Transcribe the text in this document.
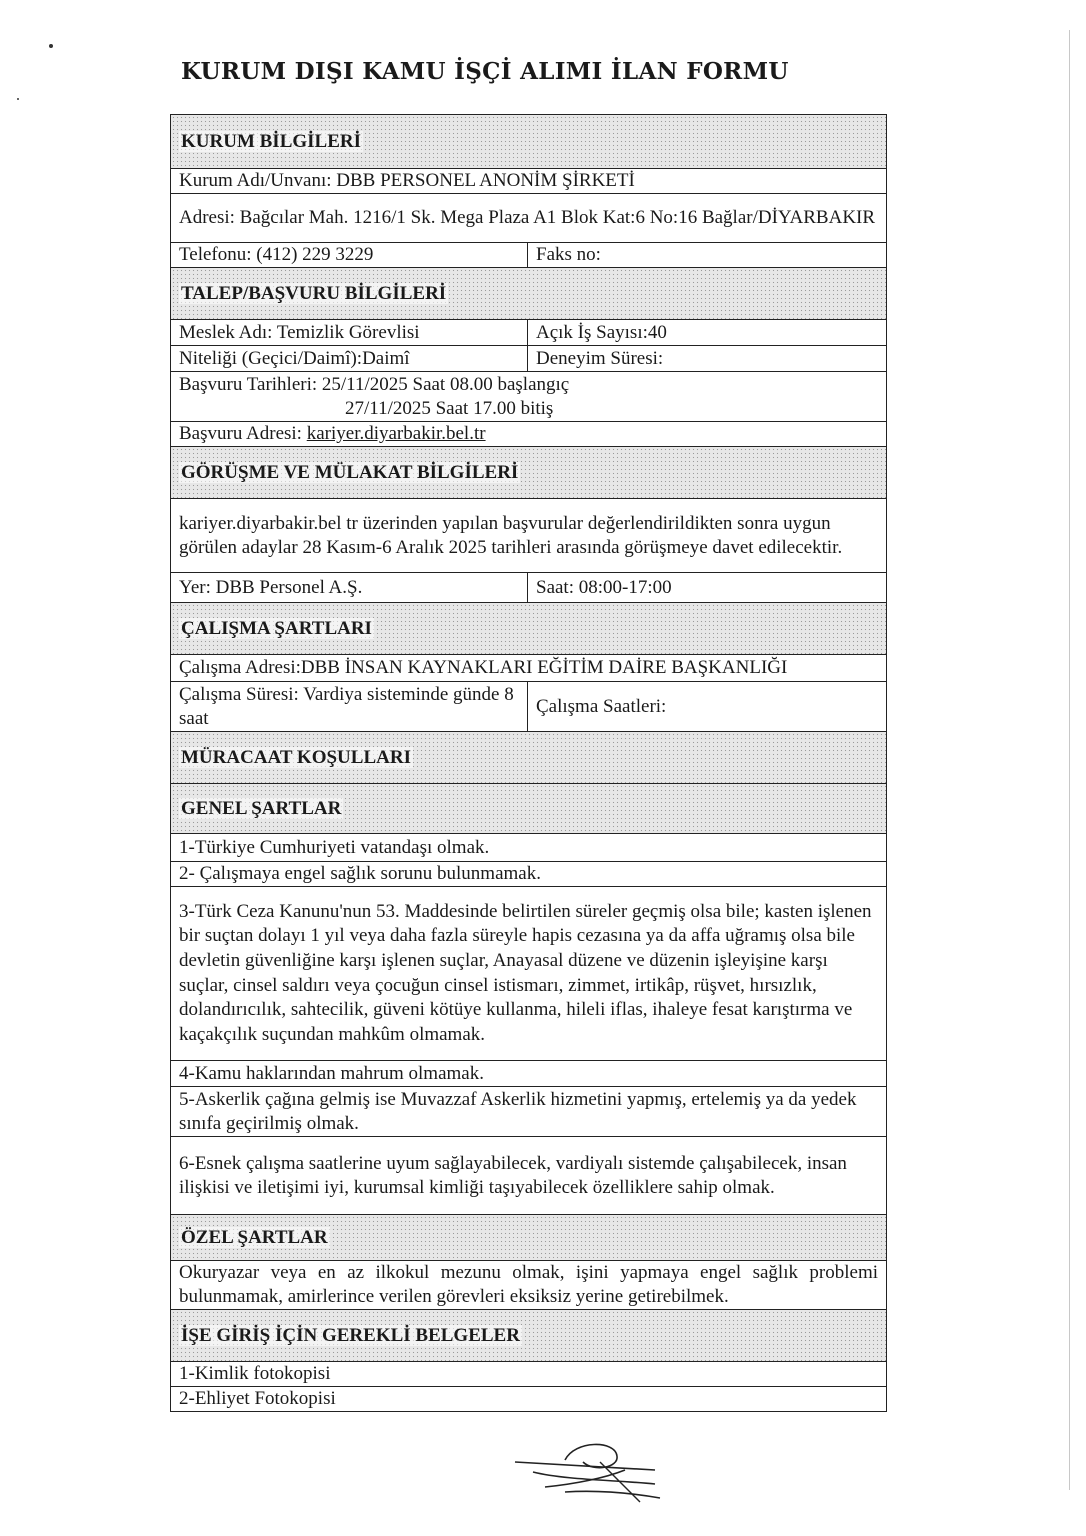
KURUM DIŞI KAMU İŞÇİ ALIMI İLAN FORMU
KURUM BİLGİLERİ	
Kurum Adı/Unvanı: DBB PERSONEL ANONİM ŞİRKETİ	
Adresi: Bağcılar Mah. 1216/1 Sk. Mega Plaza A1 Blok Kat:6 No:16 Bağlar/DİYARBAKIR	
Telefonu: (412) 229 3229	Faks no:
TALEP/BAŞVURU BİLGİLERİ	
Meslek Adı: Temizlik Görevlisi	Açık İş Sayısı:40
Niteliği (Geçici/Daimî):Daimî	Deneyim Süresi:
Başvuru Tarihleri: 25/11/2025 Saat 08.00 başlangıç
27/11/2025 Saat 17.00 bitiş	

Başvuru Adresi: kariyer.diyarbakir.bel.tr	
GÖRÜŞME VE MÜLAKAT BİLGİLERİ	
kariyer.diyarbakir.bel tr üzerinden yapılan başvurular değerlendirildikten sonra uygun görülen adaylar 28 Kasım-6 Aralık 2025 tarihleri arasında görüşmeye davet edilecektir.	
Yer: DBB Personel A.Ş.	Saat: 08:00-17:00
ÇALIŞMA ŞARTLARI	
Çalışma Adresi:DBB İNSAN KAYNAKLARI EĞİTİM DAİRE BAŞKANLIĞI	
Çalışma Süresi: Vardiya sisteminde günde 8 saat	Çalışma Saatleri:
MÜRACAAT KOŞULLARI	
GENEL ŞARTLAR	
1-Türkiye Cumhuriyeti vatandaşı olmak.	
2- Çalışmaya engel sağlık sorunu bulunmamak.	
3-Türk Ceza Kanunu'nun 53. Maddesinde belirtilen süreler geçmiş olsa bile; kasten işlenen bir suçtan dolayı 1 yıl veya daha fazla süreyle hapis cezasına ya da affa uğramış olsa bile devletin güvenliğine karşı işlenen suçlar, Anayasal düzene ve düzenin işleyişine karşı suçlar, cinsel saldırı veya çocuğun cinsel istismarı, zimmet, irtikâp, rüşvet, hırsızlık, dolandırıcılık, sahtecilik, güveni kötüye kullanma, hileli iflas, ihaleye fesat karıştırma ve kaçakçılık suçundan mahkûm olmamak.	
4-Kamu haklarından mahrum olmamak.	
5-Askerlik çağına gelmiş ise Muvazzaf Askerlik hizmetini yapmış, ertelemiş ya da yedek sınıfa geçirilmiş olmak.	
6-Esnek çalışma saatlerine uyum sağlayabilecek, vardiyalı sistemde çalışabilecek, insan ilişkisi ve iletişimi iyi, kurumsal kimliği taşıyabilecek özelliklere sahip olmak.	
ÖZEL ŞARTLAR	
Okuryazar veya en az ilkokul mezunu olmak, işini yapmaya engel sağlık problemi bulunmamak, amirlerince verilen görevleri eksiksiz yerine getirebilmek.	
İŞE GİRİŞ İÇİN GEREKLİ BELGELER	
1-Kimlik fotokopisi	
2-Ehliyet Fotokopisi	
